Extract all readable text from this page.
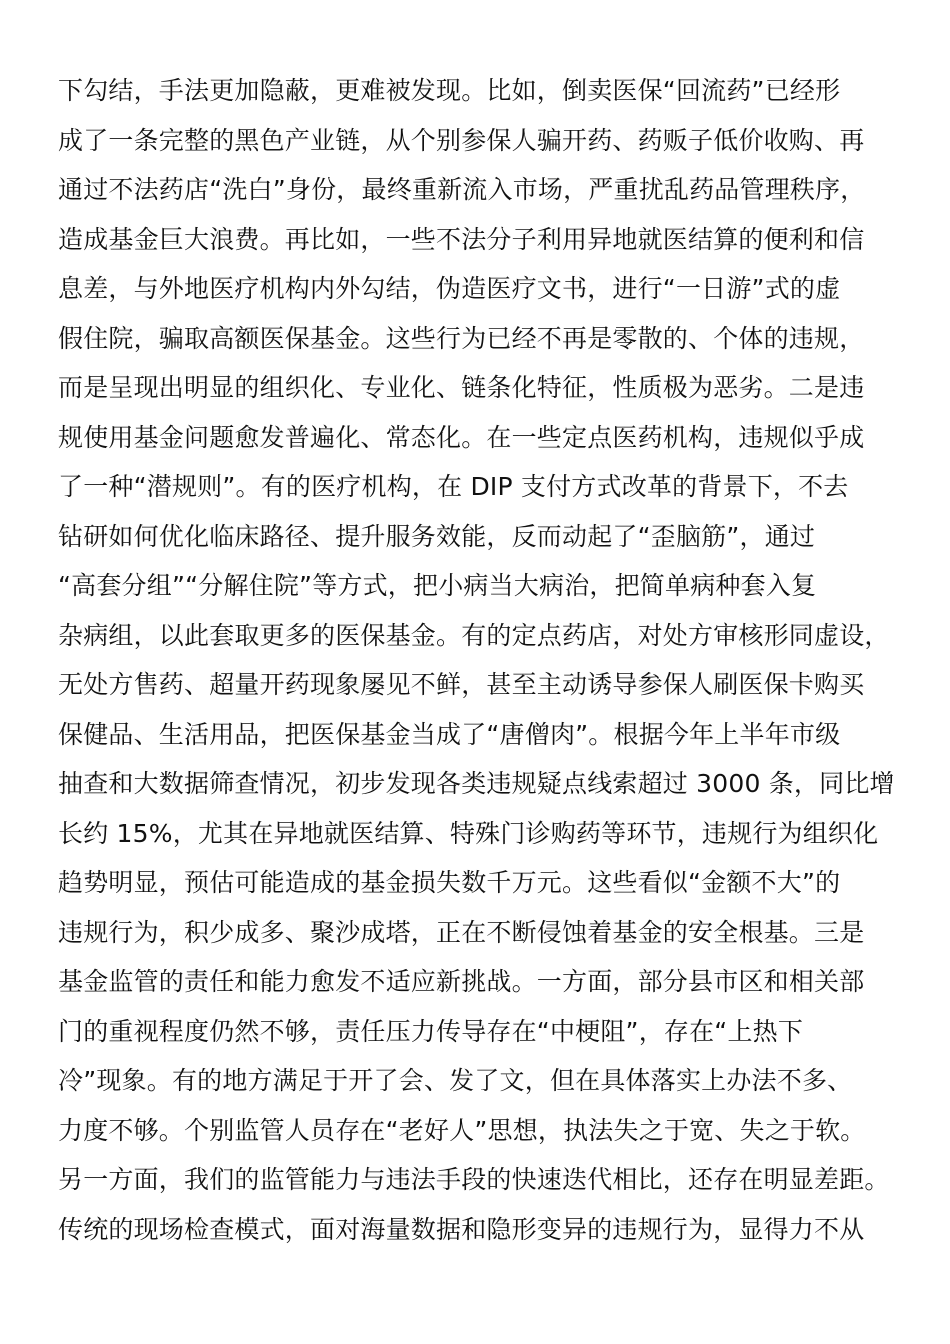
下勾结，手法更加隐蔽，更难被发现。比如，倒卖医保“回流药”已经形
成了一条完整的黑色产业链，从个别参保人骗开药、药贩子低价收购、再
通过不法药店“洗白”身份，最终重新流入市场，严重扰乱药品管理秩序，
造成基金巨大浪费。再比如，一些不法分子利用异地就医结算的便利和信
息差，与外地医疗机构内外勾结，伪造医疗文书，进行“一日游”式的虚
假住院，骗取高额医保基金。这些行为已经不再是零散的、个体的违规，
而是呈现出明显的组织化、专业化、链条化特征，性质极为恶劣。二是违
规使用基金问题愈发普遍化、常态化。在一些定点医药机构，违规似乎成
了一种“潜规则”。有的医疗机构，在 DIP 支付方式改革的背景下，不去
钻研如何优化临床路径、提升服务效能，反而动起了“歪脑筋”，通过
“高套分组”“分解住院”等方式，把小病当大病治，把简单病种套入复
杂病组，以此套取更多的医保基金。有的定点药店，对处方审核形同虚设，
无处方售药、超量开药现象屡见不鲜，甚至主动诱导参保人刷医保卡购买
保健品、生活用品，把医保基金当成了“唐僧肉”。根据今年上半年市级
抽查和大数据筛查情况，初步发现各类违规疑点线索超过 3000 条，同比增
长约 15%，尤其在异地就医结算、特殊门诊购药等环节，违规行为组织化
趋势明显，预估可能造成的基金损失数千万元。这些看似“金额不大”的
违规行为，积少成多、聚沙成塔，正在不断侵蚀着基金的安全根基。三是
基金监管的责任和能力愈发不适应新挑战。一方面，部分县市区和相关部
门的重视程度仍然不够，责任压力传导存在“中梗阻”，存在“上热下
冷”现象。有的地方满足于开了会、发了文，但在具体落实上办法不多、
力度不够。个别监管人员存在“老好人”思想，执法失之于宽、失之于软。
另一方面，我们的监管能力与违法手段的快速迭代相比，还存在明显差距。
传统的现场检查模式，面对海量数据和隐形变异的违规行为，显得力不从
